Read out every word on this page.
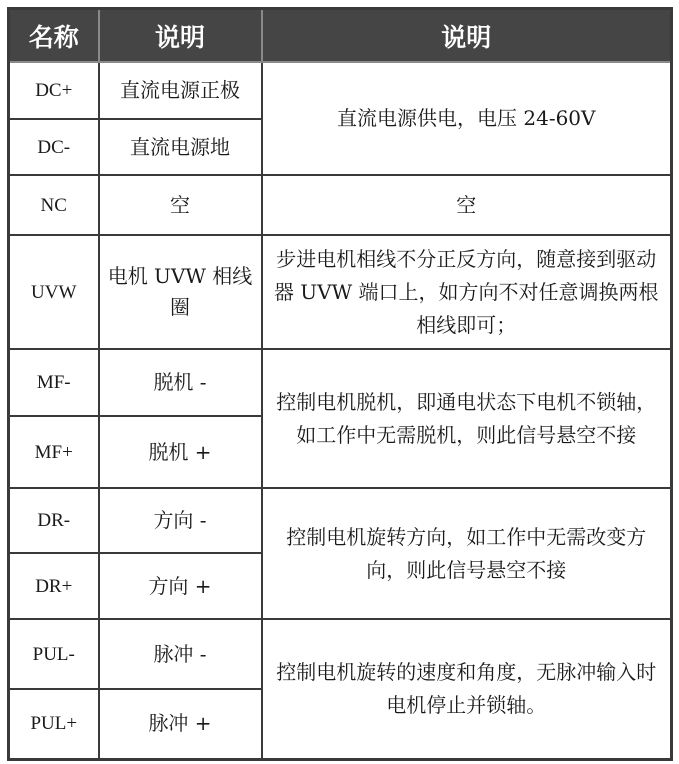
名称	说明	说明
DC+	直流电源正极	直流电源供电，电压 24-60V
DC-	直流电源地	
NC	空	空
UVW	电机 UVW 相线圈	步进电机相线不分正反方向，随意接到驱动器 UVW 端口上，如方向不对任意调换两根相线即可；
MF-	脱机 -	控制电机脱机，即通电状态下电机不锁轴，如工作中无需脱机，则此信号悬空不接
MF+	脱机 +	
DR-	方向 -	控制电机旋转方向，如工作中无需改变方向，则此信号悬空不接
DR+	方向 +	
PUL-	脉冲 -	控制电机旋转的速度和角度，无脉冲输入时电机停止并锁轴。
PUL+	脉冲 +	
